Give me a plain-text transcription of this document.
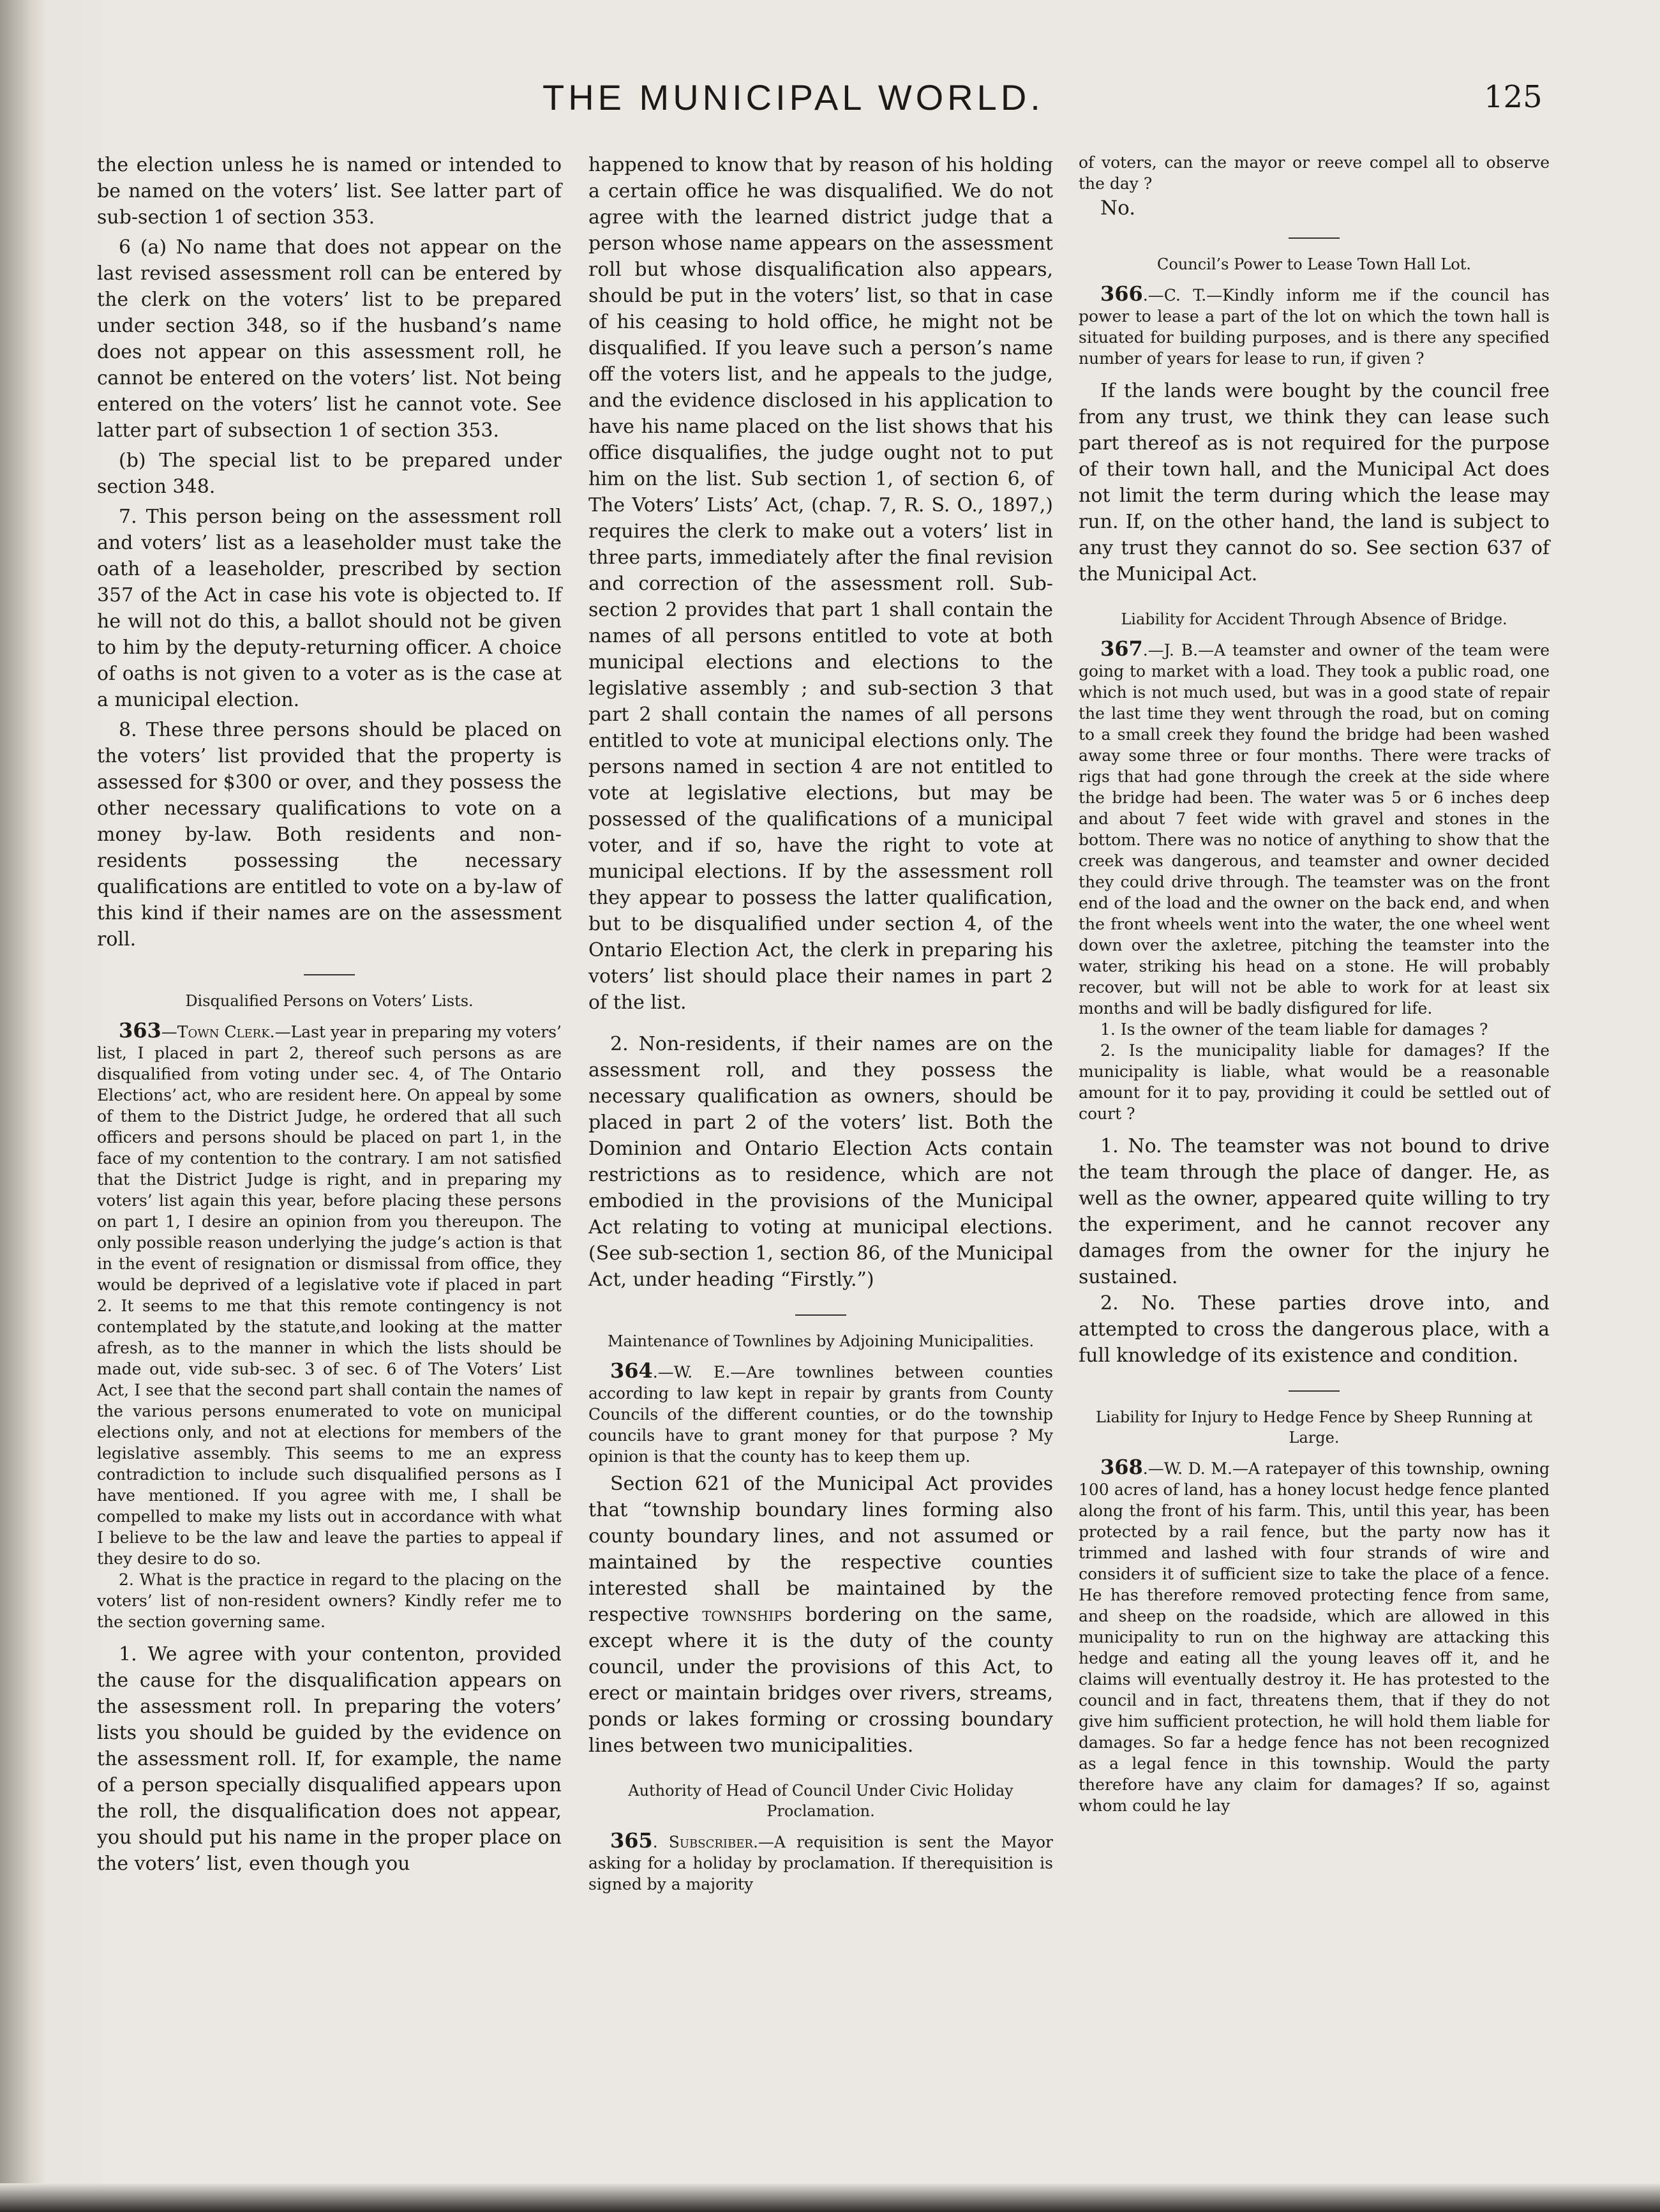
THE MUNICIPAL WORLD.	125

the election unless he is named or intended to be named on the voters’ list. See latter part of sub-section 1 of section 353.

6 (a) No name that does not appear on the last revised assessment roll can be entered by the clerk on the voters’ list to be prepared under section 348, so if the husband’s name does not appear on this assessment roll, he cannot be entered on the voters’ list. Not being entered on the voters’ list he cannot vote. See latter part of subsection 1 of section 353.

(b) The special list to be prepared under section 348.

7. This person being on the assessment roll and voters’ list as a leaseholder must take the oath of a leaseholder, prescribed by section 357 of the Act in case his vote is objected to. If he will not do this, a ballot should not be given to him by the deputy-returning officer. A choice of oaths is not given to a voter as is the case at a municipal election.

8. These three persons should be placed on the voters’ list provided that the property is assessed for $300 or over, and they possess the other necessary qualifications to vote on a money by-law. Both residents and non-residents possessing the necessary qualifications are entitled to vote on a by-law of this kind if their names are on the assessment roll.

Disqualified Persons on Voters’ Lists.

363—Town Clerk.—Last year in preparing my voters’ list, I placed in part 2, thereof such persons as are disqualified from voting under sec. 4, of The Ontario Elections’ act, who are resident here. On appeal by some of them to the District Judge, he ordered that all such officers and persons should be placed on part 1, in the face of my contention to the contrary. I am not satisfied that the District Judge is right, and in preparing my voters’ list again this year, before placing these persons on part 1, I desire an opinion from you thereupon. The only possible reason underlying the judge’s action is that in the event of resignation or dismissal from office, they would be deprived of a legislative vote if placed in part 2. It seems to me that this remote contingency is not contemplated by the statute,and looking at the matter afresh, as to the manner in which the lists should be made out, vide sub-sec. 3 of sec. 6 of The Voters’ List Act, I see that the second part shall contain the names of the various persons enumerated to vote on municipal elections only, and not at elections for members of the legislative assembly. This seems to me an express contradiction to include such disqualified persons as I have mentioned. If you agree with me, I shall be compelled to make my lists out in accordance with what I believe to be the law and leave the parties to appeal if they desire to do so.

2. What is the practice in regard to the placing on the voters’ list of non-resident owners? Kindly refer me to the section governing same.

1. We agree with your contenton, provided the cause for the disqualification appears on the assessment roll. In preparing the voters’ lists you should be guided by the evidence on the assessment roll. If, for example, the name of a person specially disqualified appears upon the roll, the disqualification does not appear, you should put his name in the proper place on the voters’ list, even though you

happened to know that by reason of his holding a certain office he was disqualified. We do not agree with the learned district judge that a person whose name appears on the assessment roll but whose disqualification also appears, should be put in the voters’ list, so that in case of his ceasing to hold office, he might not be disqualified. If you leave such a person’s name off the voters list, and he appeals to the judge, and the evidence disclosed in his application to have his name placed on the list shows that his office disqualifies, the judge ought not to put him on the list. Sub section 1, of section 6, of The Voters’ Lists’ Act, (chap. 7, R. S. O., 1897,) requires the clerk to make out a voters’ list in three parts, immediately after the final revision and correction of the assessment roll. Sub-section 2 provides that part 1 shall contain the names of all persons entitled to vote at both municipal elections and elections to the legislative assembly ; and sub-section 3 that part 2 shall contain the names of all persons entitled to vote at municipal elections only. The persons named in section 4 are not entitled to vote at legislative elections, but may be possessed of the qualifications of a municipal voter, and if so, have the right to vote at municipal elections. If by the assessment roll they appear to possess the latter qualification, but to be disqualified under section 4, of the Ontario Election Act, the clerk in preparing his voters’ list should place their names in part 2 of the list.

2. Non-residents, if their names are on the assessment roll, and they possess the necessary qualification as owners, should be placed in part 2 of the voters’ list. Both the Dominion and Ontario Election Acts contain restrictions as to residence, which are not embodied in the provisions of the Municipal Act relating to voting at municipal elections. (See sub-section 1, section 86, of the Municipal Act, under heading “Firstly.”)

Maintenance of Townlines by Adjoining Municipalities.

364.—W. E.—Are townlines between counties according to law kept in repair by grants from County Councils of the different counties, or do the township councils have to grant money for that purpose ? My opinion is that the county has to keep them up.

Section 621 of the Municipal Act provides that “township boundary lines forming also county boundary lines, and not assumed or maintained by the respective counties interested shall be maintained by the respective townships bordering on the same, except where it is the duty of the county council, under the provisions of this Act, to erect or maintain bridges over rivers, streams, ponds or lakes forming or crossing boundary lines between two municipalities.

Authority of Head of Council Under Civic Holiday Proclamation.

365. Subscriber.—A requisition is sent the Mayor asking for a holiday by proclamation. If therequisition is signed by a majority

of voters, can the mayor or reeve compel all to observe the day ?

No.

Council’s Power to Lease Town Hall Lot.

366.—C. T.—Kindly inform me if the council has power to lease a part of the lot on which the town hall is situated for building purposes, and is there any specified number of years for lease to run, if given ?

If the lands were bought by the council free from any trust, we think they can lease such part thereof as is not required for the purpose of their town hall, and the Municipal Act does not limit the term during which the lease may run. If, on the other hand, the land is subject to any trust they cannot do so. See section 637 of the Municipal Act.

Liability for Accident Through Absence of Bridge.

367.—J. B.—A teamster and owner of the team were going to market with a load. They took a public road, one which is not much used, but was in a good state of repair the last time they went through the road, but on coming to a small creek they found the bridge had been washed away some three or four months. There were tracks of rigs that had gone through the creek at the side where the bridge had been. The water was 5 or 6 inches deep and about 7 feet wide with gravel and stones in the bottom. There was no notice of anything to show that the creek was dangerous, and teamster and owner decided they could drive through. The teamster was on the front end of the load and the owner on the back end, and when the front wheels went into the water, the one wheel went down over the axletree, pitching the teamster into the water, striking his head on a stone. He will probably recover, but will not be able to work for at least six months and will be badly disfigured for life.

1. Is the owner of the team liable for damages ?

2. Is the municipality liable for damages? If the municipality is liable, what would be a reasonable amount for it to pay, providing it could be settled out of court ?

1. No. The teamster was not bound to drive the team through the place of danger. He, as well as the owner, appeared quite willing to try the experiment, and he cannot recover any damages from the owner for the injury he sustained.

2. No. These parties drove into, and attempted to cross the dangerous place, with a full knowledge of its existence and condition.

Liability for Injury to Hedge Fence by Sheep Running at Large.

368.—W. D. M.—A ratepayer of this township, owning 100 acres of land, has a honey locust hedge fence planted along the front of his farm. This, until this year, has been protected by a rail fence, but the party now has it trimmed and lashed with four strands of wire and considers it of sufficient size to take the place of a fence. He has therefore removed protecting fence from same, and sheep on the roadside, which are allowed in this municipality to run on the highway are attacking this hedge and eating all the young leaves off it, and he claims will eventually destroy it. He has protested to the council and in fact, threatens them, that if they do not give him sufficient protection, he will hold them liable for damages. So far a hedge fence has not been recognized as a legal fence in this township. Would the party therefore have any claim for damages? If so, against whom could he lay
